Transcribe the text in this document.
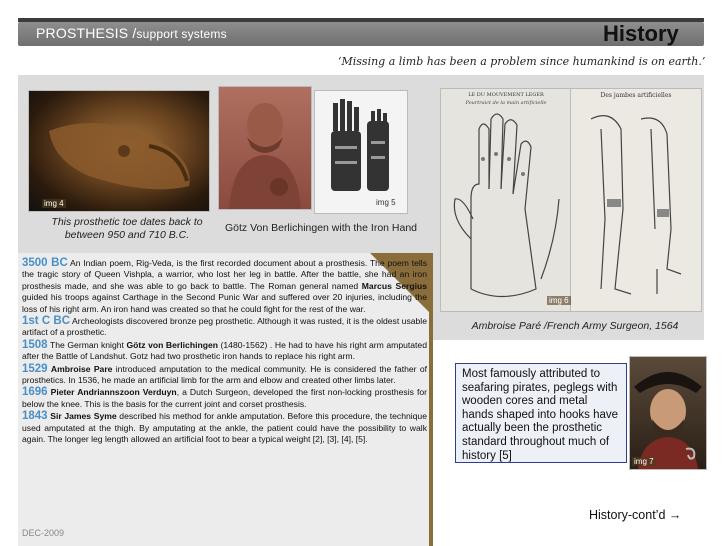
PROSTHESIS /support systems	History
‘Missing a limb has been a problem since humankind is on earth.’
img 4	img 5
This prosthetic toe dates back to between 950 and 710 B.C.
Götz Von Berlichingen with the Iron Hand
LE DU MOUVEMENT LEGER
Pourtraict de la main artificielle
Des jambes artificielles
img 6
Ambroise Paré /French Army Surgeon, 1564

3500 BC An Indian poem, Rig-Veda, is the first recorded document about a prosthesis. The poem tells the tragic story of Queen Vishpla, a warrior, who lost her leg in battle. After the battle, she had an iron prosthesis made, and she was able to go back to battle. The Roman general named Marcus Sergius guided his troops against Carthage in the Second Punic War and suffered over 20 injuries, including the loss of his right arm. An iron hand was created so that he could fight for the rest of the war.

1st C BC Archeologists discovered bronze peg prosthetic. Although it was rusted, it is the oldest usable artifact of a prosthetic.

1508 The German knight Götz von Berlichingen (1480-1562) . He had to have his right arm amputated after the Battle of Landshut. Gotz had two prosthetic iron hands to replace his right arm.

1529 Ambroise Pare introduced amputation to the medical community. He is considered the father of prosthetics. In 1536, he made an artificial limb for the arm and elbow and created other limbs later.

1696 Pieter Andriannszoon Verduyn, a Dutch Surgeon, developed the first non-locking prosthesis for below the knee. This is the basis for the current joint and corset prosthesis.

1843 Sir James Syme described his method for ankle amputation. Before this procedure, the technique used amputated at the thigh. By amputating at the ankle, the patient could have the possibility to walk again. The longer leg length allowed an artificial foot to bear a typical weight [2], [3], [4], [5].

DEC-2009
Most famously attributed to seafaring pirates, peglegs with wooden cores and metal hands shaped into hooks have actually been the prosthetic standard throughout much of history [5]	img 7
History-cont’d →
